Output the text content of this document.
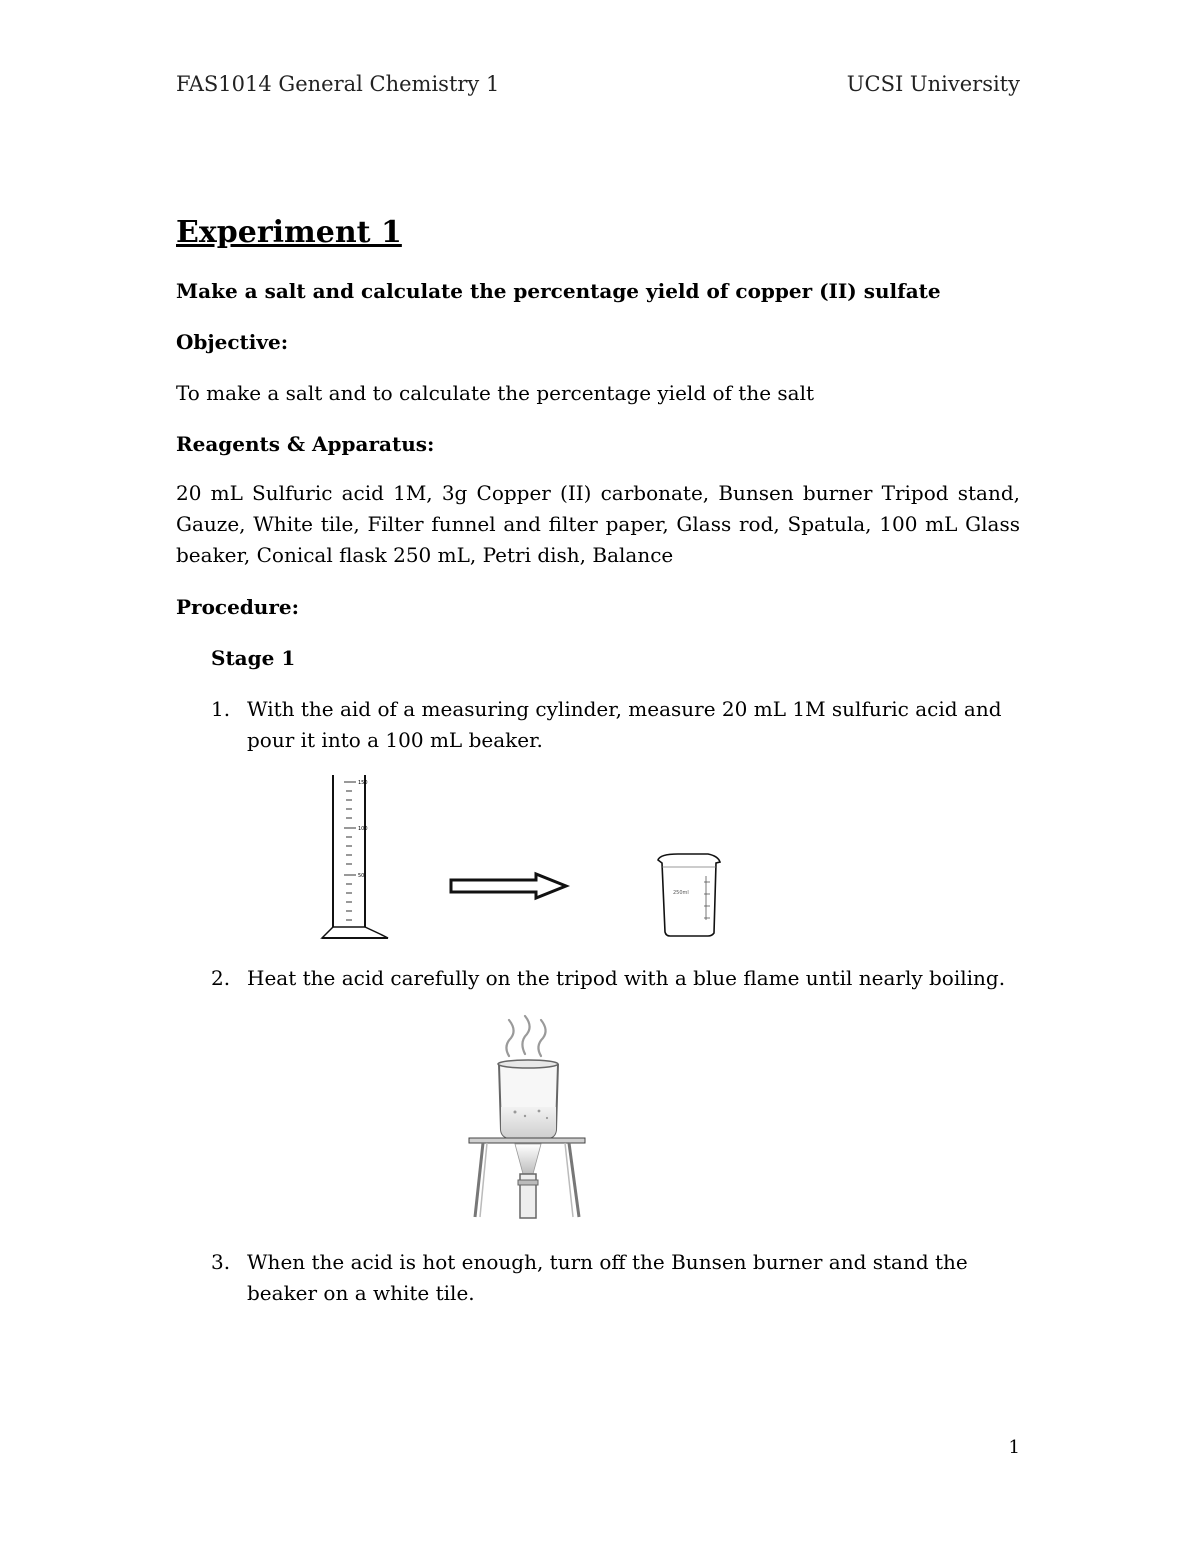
FAS1014 General Chemistry 1	UCSI University
Experiment 1
Make a salt and calculate the percentage yield of copper (II) sulfate
Objective:
To make a salt and to calculate the percentage yield of the salt
Reagents & Apparatus:
20 mL Sulfuric acid 1M, 3g Copper (II) carbonate, Bunsen burner Tripod stand, Gauze, White tile, Filter funnel and filter paper, Glass rod, Spatula, 100 mL Glass beaker, Conical flask 250 mL, Petri dish, Balance
Procedure:
Stage 1
1. With the aid of a measuring cylinder, measure 20 mL 1M sulfuric acid and pour it into a 100 mL beaker.
150
100
50
250ml
2. Heat the acid carefully on the tripod with a blue flame until nearly boiling.
3. When the acid is hot enough, turn off the Bunsen burner and stand the beaker on a white tile.
1
